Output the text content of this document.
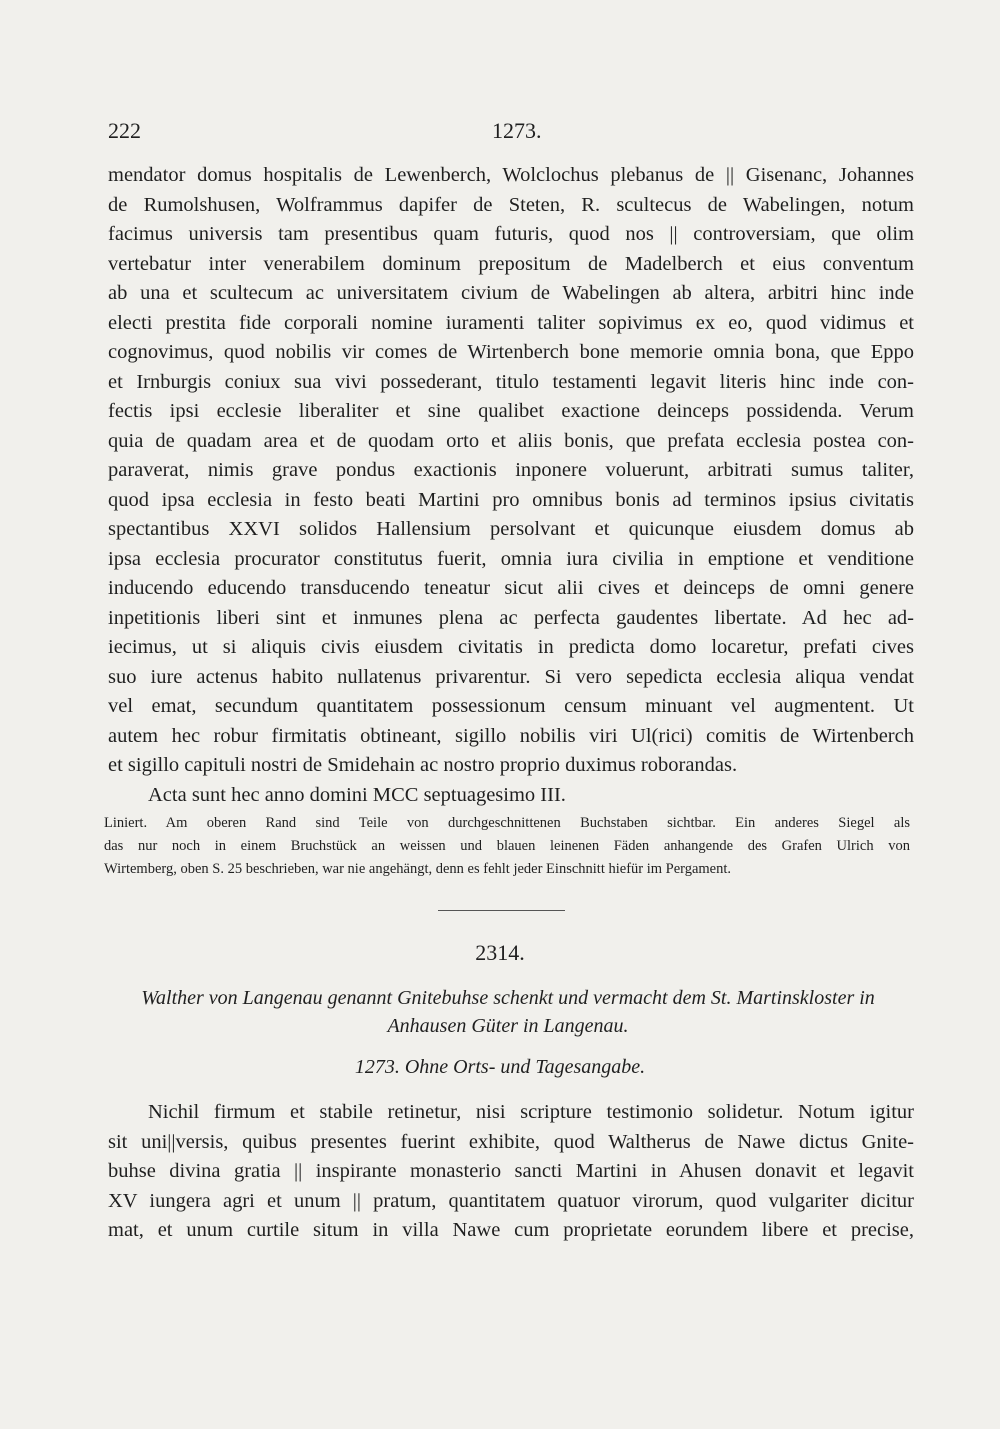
222	1273.
mendator domus hospitalis de Lewenberch, Wolclochus plebanus de || Gisenanc, Johannes
de Rumolshusen, Wolframmus dapifer de Steten, R. scultecus de Wabelingen, notum
facimus universis tam presentibus quam futuris, quod nos || controversiam, que olim
vertebatur inter venerabilem dominum prepositum de Madelberch et eius conventum
ab una et scultecum ac universitatem civium de Wabelingen ab altera, arbitri hinc inde
electi prestita fide corporali nomine iuramenti taliter sopivimus ex eo, quod vidimus et
cognovimus, quod nobilis vir comes de Wirtenberch bone memorie omnia bona, que Eppo
et Irnburgis coniux sua vivi possederant, titulo testamenti legavit literis hinc inde con-
fectis ipsi ecclesie liberaliter et sine qualibet exactione deinceps possidenda. Verum
quia de quadam area et de quodam orto et aliis bonis, que prefata ecclesia postea con-
paraverat, nimis grave pondus exactionis inponere voluerunt, arbitrati sumus taliter,
quod ipsa ecclesia in festo beati Martini pro omnibus bonis ad terminos ipsius civitatis
spectantibus XXVI solidos Hallensium persolvant et quicunque eiusdem domus ab
ipsa ecclesia procurator constitutus fuerit, omnia iura civilia in emptione et venditione
inducendo educendo transducendo teneatur sicut alii cives et deinceps de omni genere
inpetitionis liberi sint et inmunes plena ac perfecta gaudentes libertate. Ad hec ad-
iecimus, ut si aliquis civis eiusdem civitatis in predicta domo locaretur, prefati cives
suo iure actenus habito nullatenus privarentur. Si vero sepedicta ecclesia aliqua vendat
vel emat, secundum quantitatem possessionum censum minuant vel augmentent. Ut
autem hec robur firmitatis obtineant, sigillo nobilis viri Ul(rici) comitis de Wirtenberch
et sigillo capituli nostri de Smidehain ac nostro proprio duximus roborandas.
Acta sunt hec anno domini MCC septuagesimo III.
Liniert. Am oberen Rand sind Teile von durchgeschnittenen Buchstaben sichtbar. Ein anderes Siegel als
das nur noch in einem Bruchstück an weissen und blauen leinenen Fäden anhangende des Grafen Ulrich von
Wirtemberg, oben S. 25 beschrieben, war nie angehängt, denn es fehlt jeder Einschnitt hiefür im Pergament.
2314.
Walther von Langenau genannt Gnitebuhse schenkt und vermacht dem St. Martinskloster in
Anhausen Güter in Langenau.
1273. Ohne Orts- und Tagesangabe.
Nichil firmum et stabile retinetur, nisi scripture testimonio solidetur. Notum igitur
sit uni||versis, quibus presentes fuerint exhibite, quod Waltherus de Nawe dictus Gnite-
buhse divina gratia || inspirante monasterio sancti Martini in Ahusen donavit et legavit
XV iungera agri et unum || pratum, quantitatem quatuor virorum, quod vulgariter dicitur
mat, et unum curtile situm in villa Nawe cum proprietate eorundem libere et precise,
